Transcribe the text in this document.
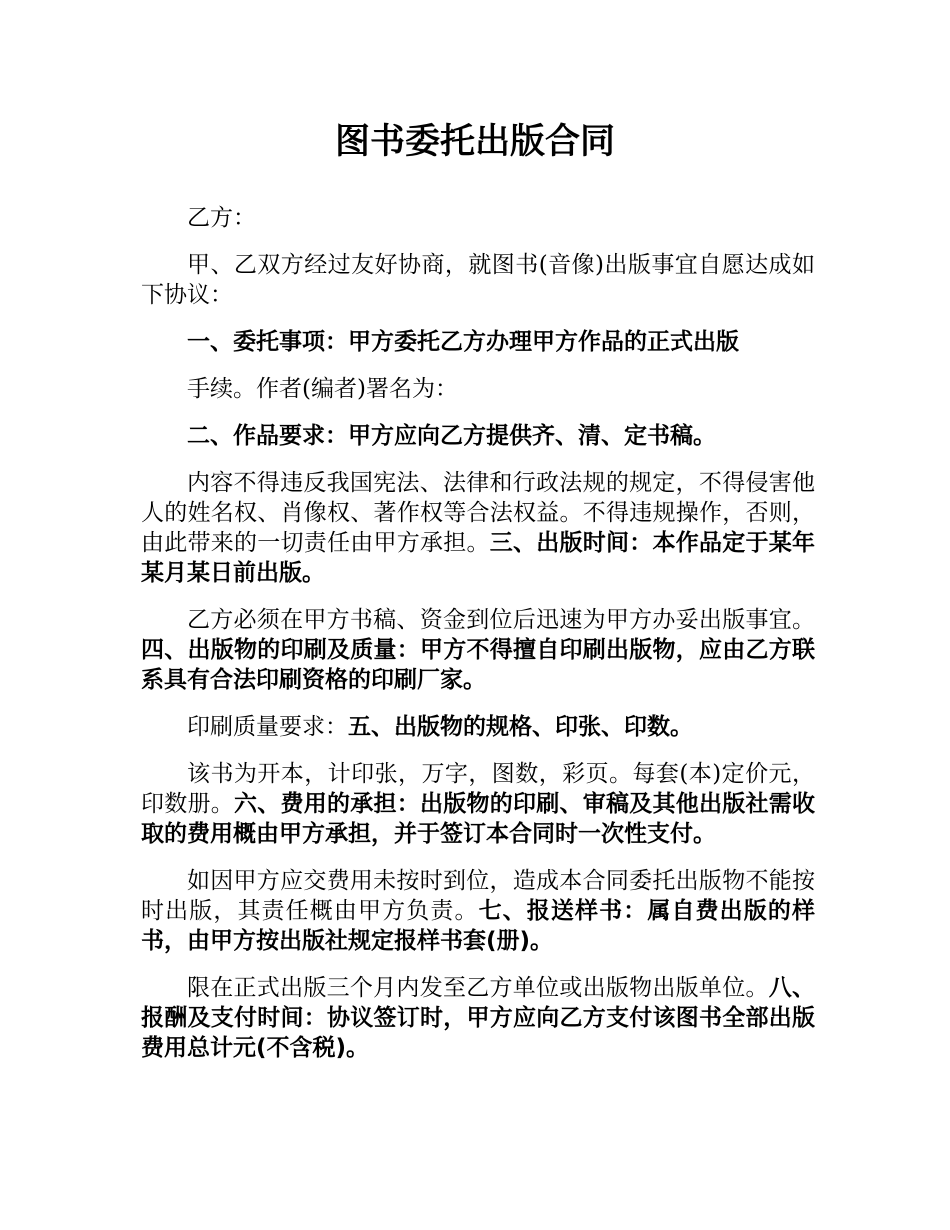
图书委托出版合同

乙方：

甲、乙双方经过友好协商，就图书(音像)出版事宜自愿达成如下协议：

一、委托事项：甲方委托乙方办理甲方作品的正式出版

手续。作者(编者)署名为：

二、作品要求：甲方应向乙方提供齐、清、定书稿。

内容不得违反我国宪法、法律和行政法规的规定，不得侵害他人的姓名权、肖像权、著作权等合法权益。不得违规操作，否则，由此带来的一切责任由甲方承担。三、出版时间：本作品定于某年某月某日前出版。

乙方必须在甲方书稿、资金到位后迅速为甲方办妥出版事宜。四、出版物的印刷及质量：甲方不得擅自印刷出版物，应由乙方联系具有合法印刷资格的印刷厂家。

印刷质量要求：五、出版物的规格、印张、印数。

该书为开本，计印张，万字，图数，彩页。每套(本)定价元，印数册。六、费用的承担：出版物的印刷、审稿及其他出版社需收取的费用概由甲方承担，并于签订本合同时一次性支付。

如因甲方应交费用未按时到位，造成本合同委托出版物不能按时出版，其责任概由甲方负责。七、报送样书：属自费出版的样书，由甲方按出版社规定报样书套(册)。

限在正式出版三个月内发至乙方单位或出版物出版单位。八、报酬及支付时间：协议签订时，甲方应向乙方支付该图书全部出版费用总计元(不含税)。
